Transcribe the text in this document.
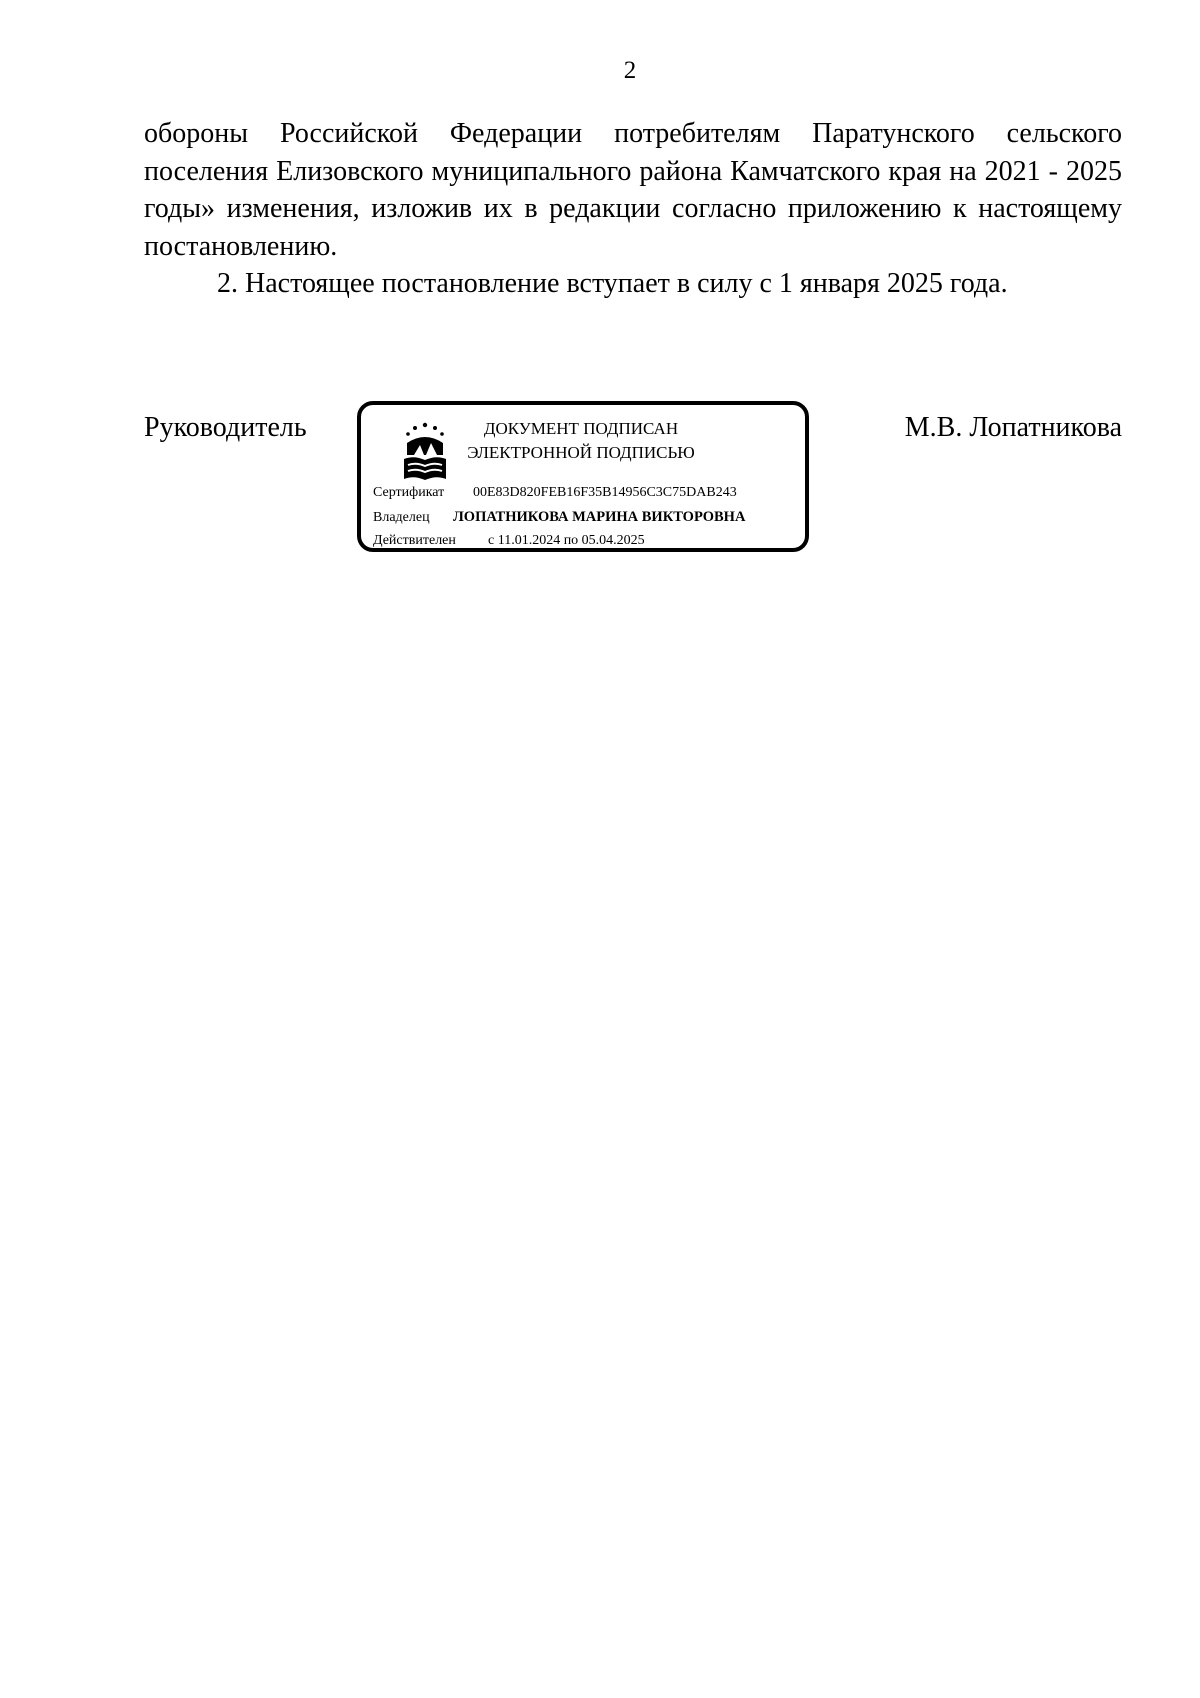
2

обороны Российской Федерации потребителям Паратунского сельского поселения Елизовского муниципального района Камчатского края на 2021 - 2025 годы» изменения, изложив их в редакции согласно приложению к настоящему постановлению.

2. Настоящее постановление вступает в силу с 1 января 2025 года.

Руководитель	ДОКУМЕНТ ПОДПИСАН
ЭЛЕКТРОННОЙ ПОДПИСЬЮ
Сертификат 00E83D820FEB16F35B14956C3C75DAB243
Владелец ЛОПАТНИКОВА МАРИНА ВИКТОРОВНА
Действителен с 11.01.2024 по 05.04.2025
М.В. Лопатникова
